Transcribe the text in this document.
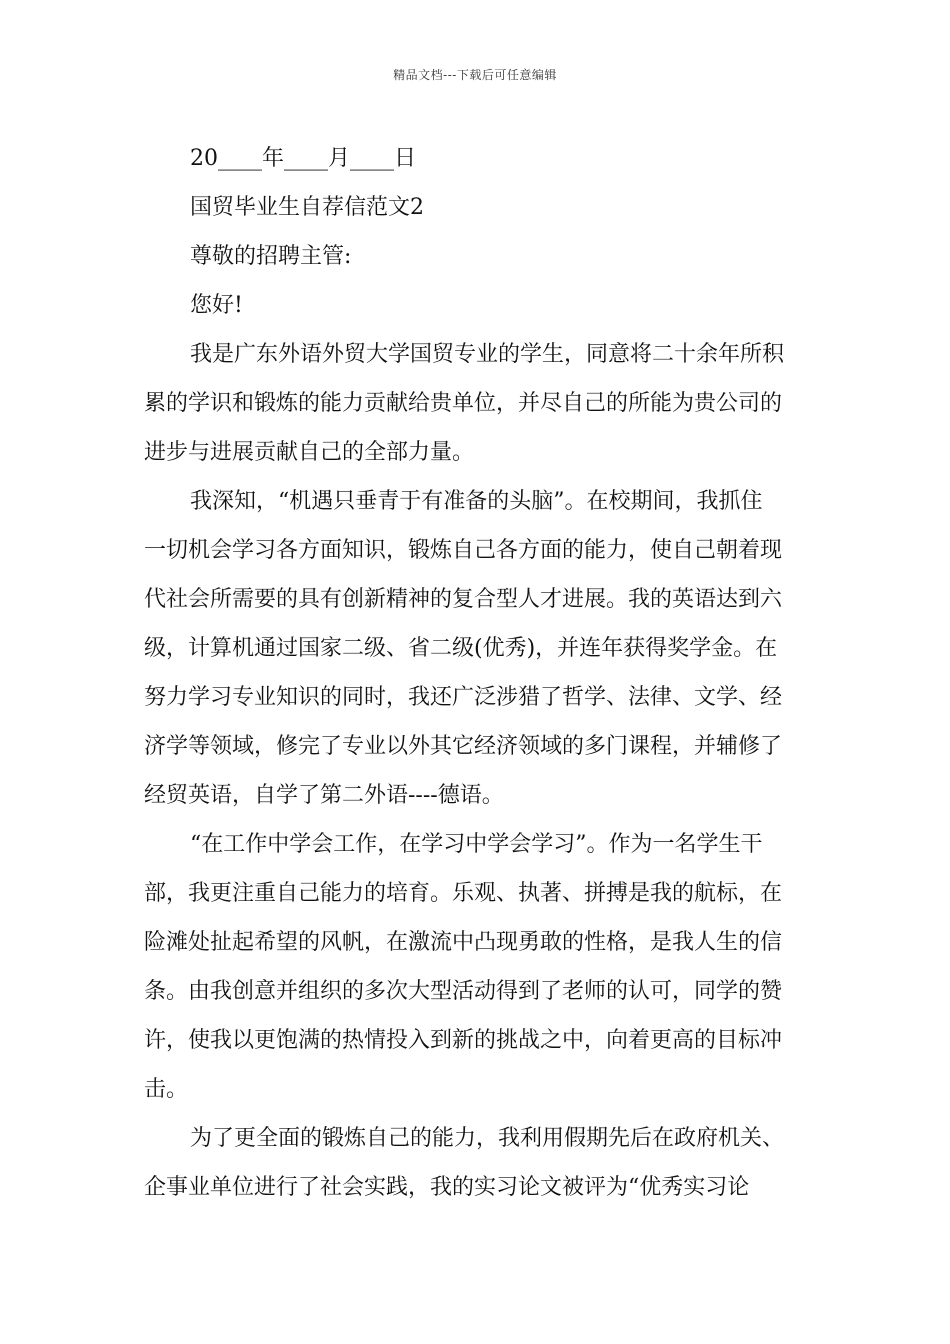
精品文档---下载后可任意编辑

20____年____月____日

国贸毕业生自荐信范文2

尊敬的招聘主管:

您好!

我是广东外语外贸大学国贸专业的学生，同意将二十余年所积

累的学识和锻炼的能力贡献给贵单位，并尽自己的所能为贵公司的

进步与进展贡献自己的全部力量。

我深知，“机遇只垂青于有准备的头脑”。在校期间，我抓住

一切机会学习各方面知识，锻炼自己各方面的能力，使自己朝着现

代社会所需要的具有创新精神的复合型人才进展。我的英语达到六

级，计算机通过国家二级、省二级(优秀)，并连年获得奖学金。在

努力学习专业知识的同时，我还广泛涉猎了哲学、法律、文学、经

济学等领域，修完了专业以外其它经济领域的多门课程，并辅修了

经贸英语，自学了第二外语----德语。

“在工作中学会工作，在学习中学会学习”。作为一名学生干

部，我更注重自己能力的培育。乐观、执著、拼搏是我的航标，在

险滩处扯起希望的风帆，在激流中凸现勇敢的性格，是我人生的信

条。由我创意并组织的多次大型活动得到了老师的认可，同学的赞

许，使我以更饱满的热情投入到新的挑战之中，向着更高的目标冲

击。

为了更全面的锻炼自己的能力，我利用假期先后在政府机关、

企事业单位进行了社会实践，我的实习论文被评为“优秀实习论
